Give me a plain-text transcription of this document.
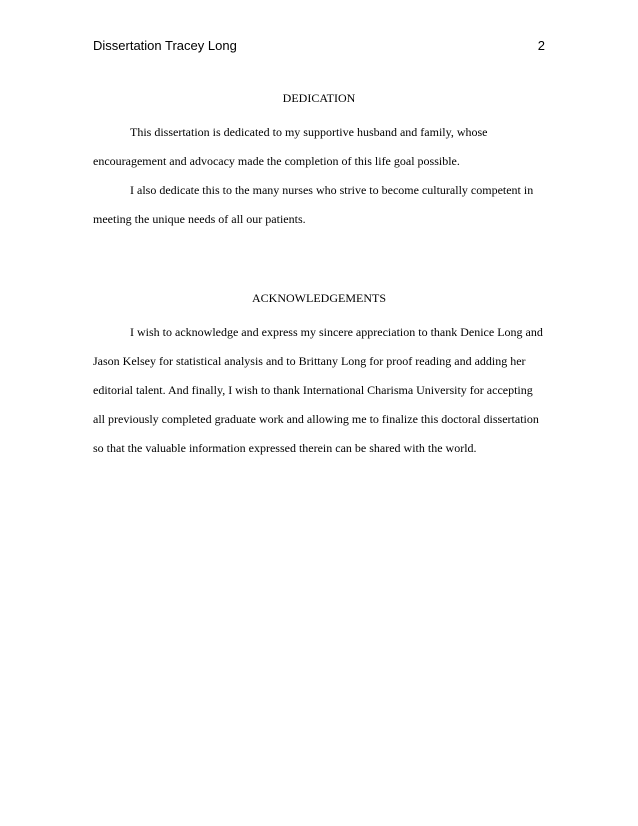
Dissertation Tracey Long	2
DEDICATION

This dissertation is dedicated to my supportive husband and family, whose encouragement and advocacy made the completion of this life goal possible.

I also dedicate this to the many nurses who strive to become culturally competent in meeting the unique needs of all our patients.

ACKNOWLEDGEMENTS

I wish to acknowledge and express my sincere appreciation to thank Denice Long and Jason Kelsey for statistical analysis and to Brittany Long for proof reading and adding her editorial talent. And finally, I wish to thank International Charisma University for accepting all previously completed graduate work and allowing me to finalize this doctoral dissertation so that the valuable information expressed therein can be shared with the world.
